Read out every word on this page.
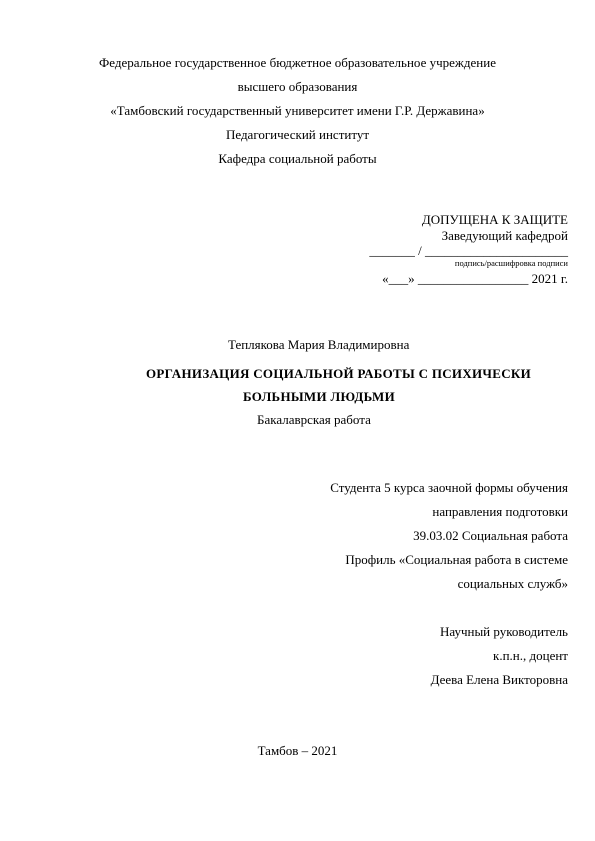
Федеральное государственное бюджетное образовательное учреждение
высшего образования
«Тамбовский государственный университет имени Г.Р. Державина»
Педагогический институт
Кафедра социальной работы
ДОПУЩЕНА К ЗАЩИТЕ
Заведующий кафедрой
_______ / ______________________
подпись/расшифровка подписи
«___» _________________ 2021 г.
Теплякова Мария Владимировна
ОРГАНИЗАЦИЯ СОЦИАЛЬНОЙ РАБОТЫ С ПСИХИЧЕСКИ
БОЛЬНЫМИ ЛЮДЬМИ
Бакалаврская работа
Студента 5 курса заочной формы обучения
направления подготовки
39.03.02 Социальная работа
Профиль «Социальная работа в системе
социальных служб»
Научный руководитель
к.п.н., доцент
Деева Елена Викторовна
Тамбов – 2021
